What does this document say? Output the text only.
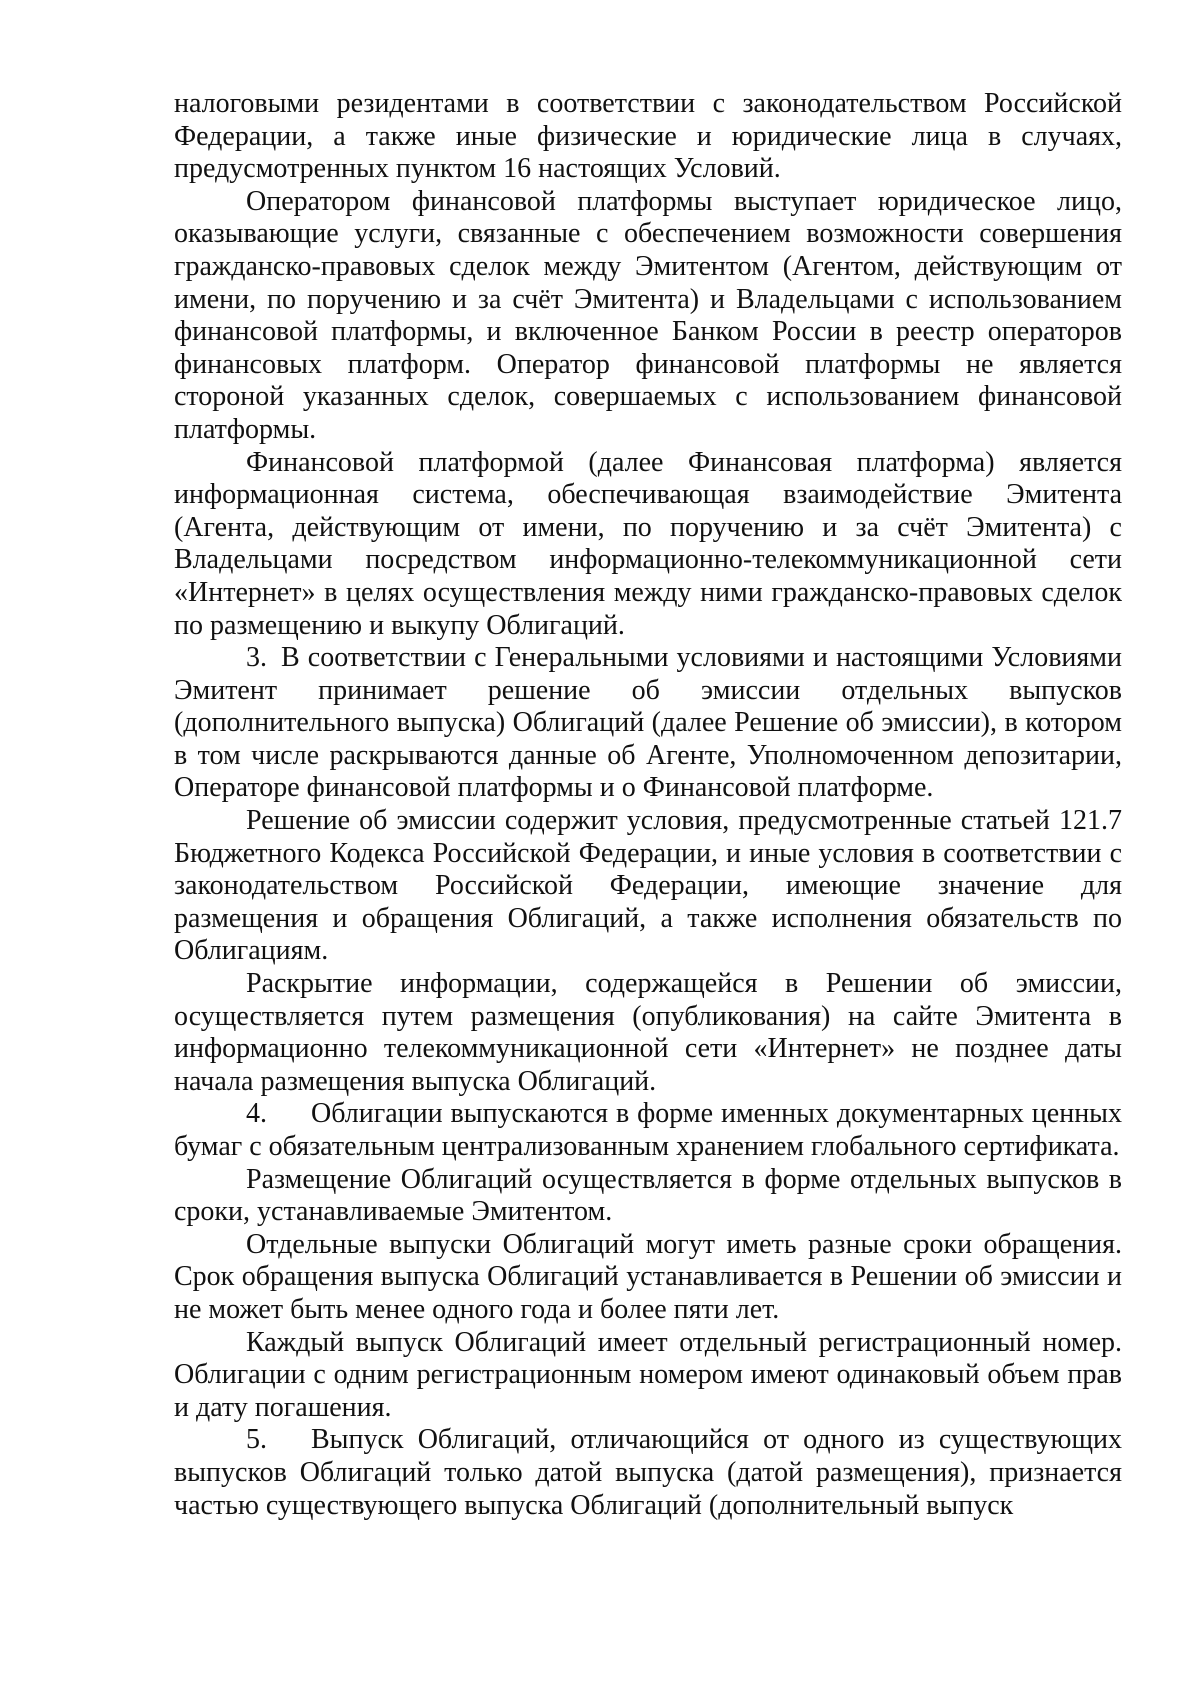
налоговыми резидентами в соответствии с законодательством Российской Федерации, а также иные физические и юридические лица в случаях, предусмотренных пунктом 16 настоящих Условий.

Оператором финансовой платформы выступает юридическое лицо, оказывающие услуги, связанные с обеспечением возможности совершения гражданско-правовых сделок между Эмитентом (Агентом, действующим от имени, по поручению и за счёт Эмитента) и Владельцами с использованием финансовой платформы, и включенное Банком России в реестр операторов финансовых платформ. Оператор финансовой платформы не является стороной указанных сделок, совершаемых с использованием финансовой платформы.

Финансовой платформой (далее Финансовая платформа) является информационная система, обеспечивающая взаимодействие Эмитента (Агента, действующим от имени, по поручению и за счёт Эмитента) с Владельцами посредством информационно-телекоммуникационной сети «Интернет» в целях осуществления между ними гражданско-правовых сделок по размещению и выкупу Облигаций.

3. В соответствии с Генеральными условиями и настоящими Условиями Эмитент принимает решение об эмиссии отдельных выпусков (дополнительного выпуска) Облигаций (далее Решение об эмиссии), в котором в том числе раскрываются данные об Агенте, Уполномоченном депозитарии, Операторе финансовой платформы и о Финансовой платформе.

Решение об эмиссии содержит условия, предусмотренные статьей 121.7 Бюджетного Кодекса Российской Федерации, и иные условия в соответствии с законодательством Российской Федерации, имеющие значение для размещения и обращения Облигаций, а также исполнения обязательств по Облигациям.

Раскрытие информации, содержащейся в Решении об эмиссии, осуществляется путем размещения (опубликования) на сайте Эмитента в информационно телекоммуникационной сети «Интернет» не позднее даты начала размещения выпуска Облигаций.

4. Облигации выпускаются в форме именных документарных ценных бумаг с обязательным централизованным хранением глобального сертификата.

Размещение Облигаций осуществляется в форме отдельных выпусков в сроки, устанавливаемые Эмитентом.

Отдельные выпуски Облигаций могут иметь разные сроки обращения. Срок обращения выпуска Облигаций устанавливается в Решении об эмиссии и не может быть менее одного года и более пяти лет.

Каждый выпуск Облигаций имеет отдельный регистрационный номер. Облигации с одним регистрационным номером имеют одинаковый объем прав и дату погашения.

5. Выпуск Облигаций, отличающийся от одного из существующих выпусков Облигаций только датой выпуска (датой размещения), признается частью существующего выпуска Облигаций (дополнительный выпуск
